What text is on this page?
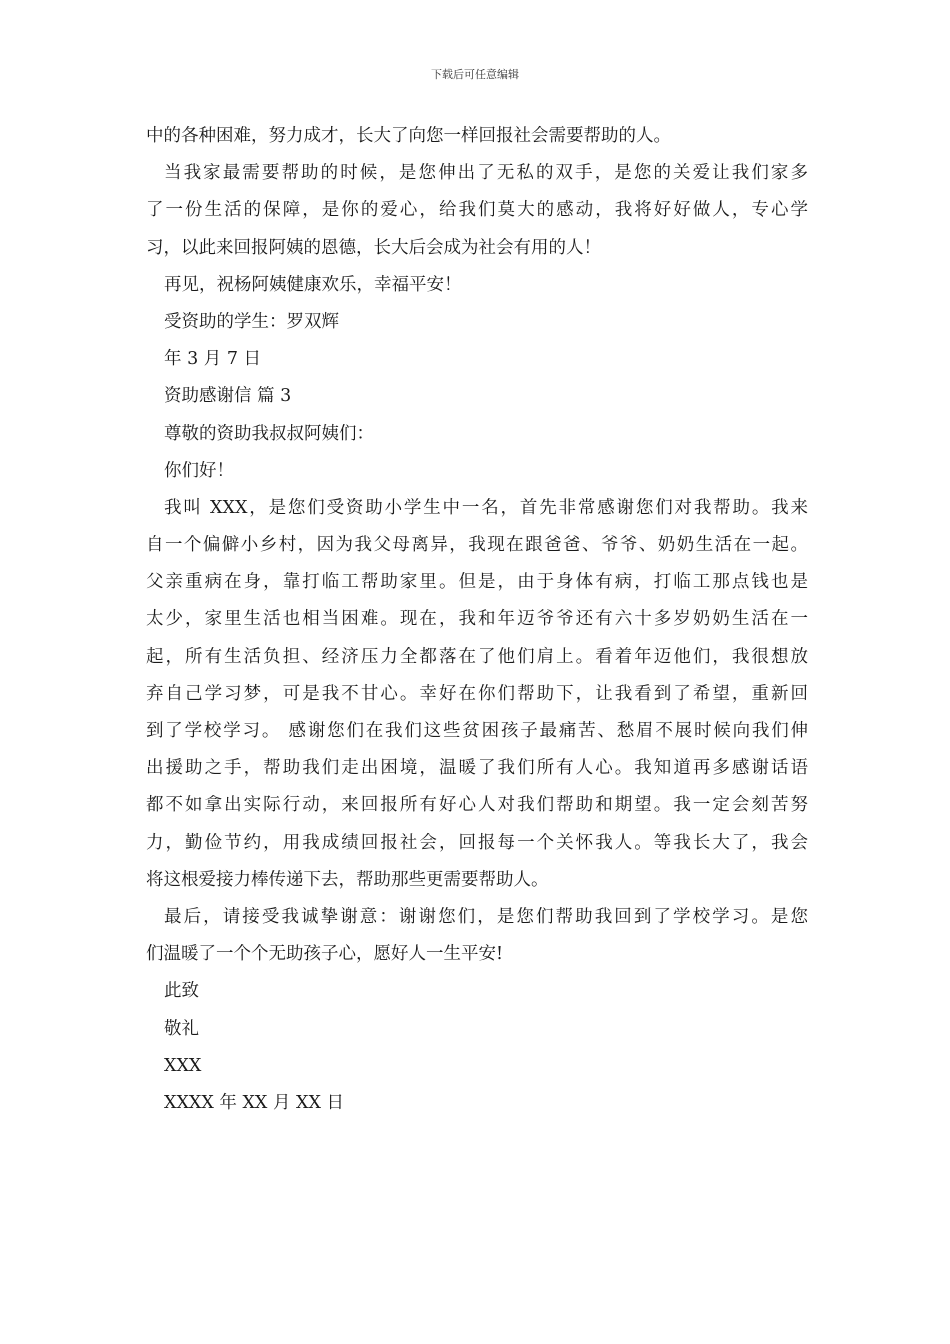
下载后可任意编辑
中的各种困难，努力成才，长大了向您一样回报社会需要帮助的人。
当我家最需要帮助的时候，是您伸出了无私的双手，是您的关爱让我们家多
了一份生活的保障，是你的爱心，给我们莫大的感动，我将好好做人，专心学
习，以此来回报阿姨的恩德，长大后会成为社会有用的人！
再见，祝杨阿姨健康欢乐，幸福平安！
受资助的学生：罗双辉
年 3 月 7 日
资助感谢信 篇 3
尊敬的资助我叔叔阿姨们：
你们好！
我叫 XXX，是您们受资助小学生中一名，首先非常感谢您们对我帮助。我来
自一个偏僻小乡村，因为我父母离异，我现在跟爸爸、爷爷、奶奶生活在一起。
父亲重病在身，靠打临工帮助家里。但是，由于身体有病，打临工那点钱也是
太少，家里生活也相当困难。现在，我和年迈爷爷还有六十多岁奶奶生活在一
起，所有生活负担、经济压力全都落在了他们肩上。看着年迈他们，我很想放
弃自己学习梦，可是我不甘心。幸好在你们帮助下，让我看到了希望，重新回
到了学校学习。 感谢您们在我们这些贫困孩子最痛苦、愁眉不展时候向我们伸
出援助之手，帮助我们走出困境，温暖了我们所有人心。我知道再多感谢话语
都不如拿出实际行动，来回报所有好心人对我们帮助和期望。我一定会刻苦努
力，勤俭节约，用我成绩回报社会，回报每一个关怀我人。等我长大了，我会
将这根爱接力棒传递下去，帮助那些更需要帮助人。
最后，请接受我诚挚谢意：谢谢您们，是您们帮助我回到了学校学习。是您
们温暖了一个个无助孩子心，愿好人一生平安!
此致
敬礼
XXX
XXXX 年 XX 月 XX 日
